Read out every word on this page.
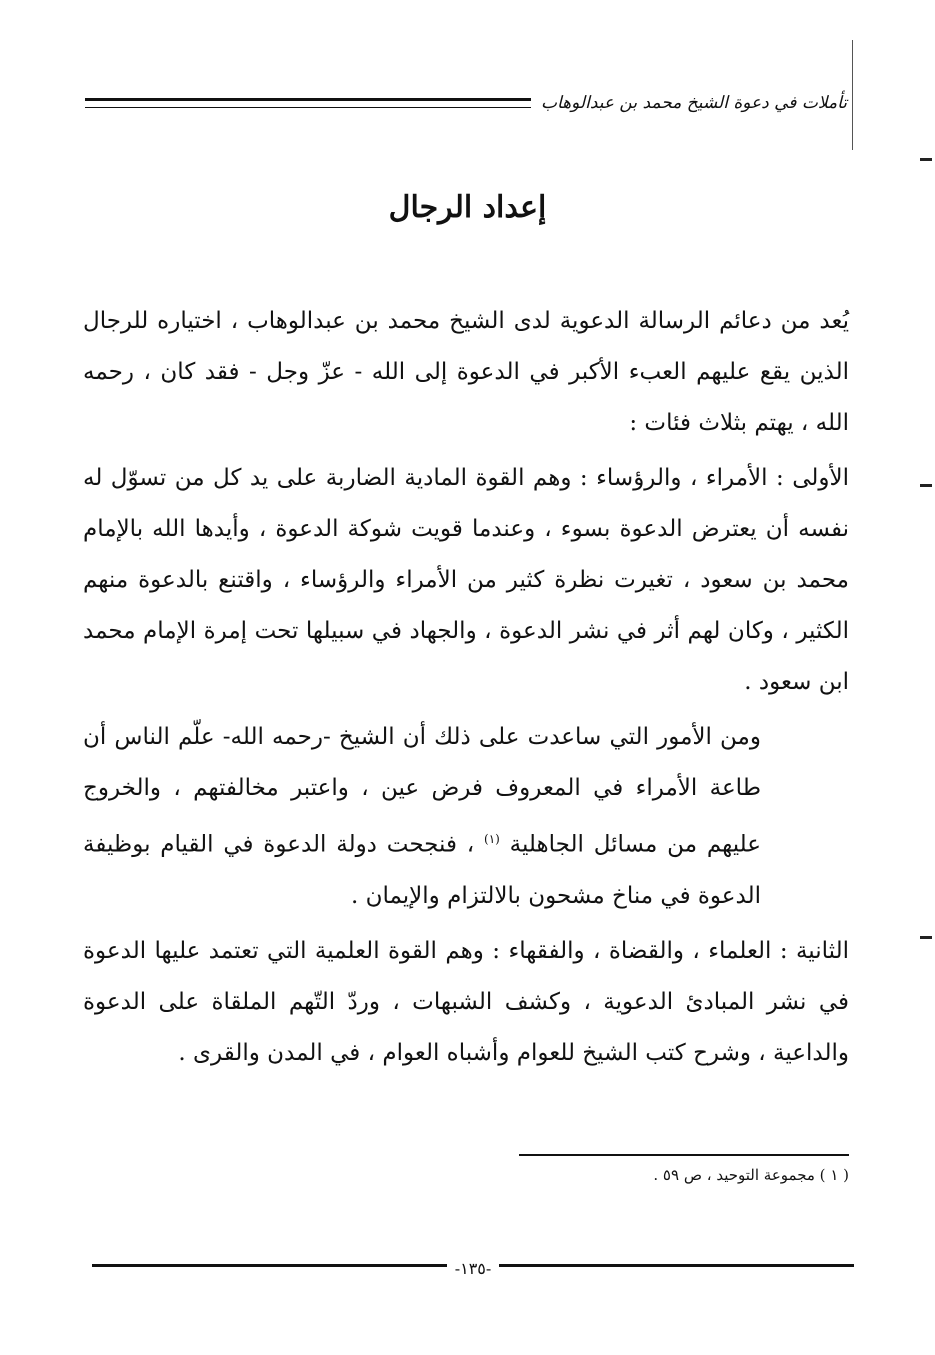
تأملات في دعوة الشيخ محمد بن عبدالوهاب
إعداد الرجال

يُعد من دعائم الرسالة الدعوية لدى الشيخ محمد بن عبدالوهاب ، اختياره للرجال الذين يقع عليهم العبء الأكبر في الدعوة إلى الله - عزّ وجل - فقد كان ، رحمه الله ، يهتم بثلاث فئات :

الأولى : الأمراء ، والرؤساء : وهم القوة المادية الضاربة على يد كل من تسوّل له نفسه أن يعترض الدعوة بسوء ، وعندما قويت شوكة الدعوة ، وأيدها الله بالإمام محمد بن سعود ، تغيرت نظرة كثير من الأمراء والرؤساء ، واقتنع بالدعوة منهم الكثير ، وكان لهم أثر في نشر الدعوة ، والجهاد في سبيلها تحت إمرة الإمام محمد ابن سعود .

ومن الأمور التي ساعدت على ذلك أن الشيخ -رحمه الله- علّم الناس أن طاعة الأمراء في المعروف فرض عين ، واعتبر مخالفتهم ، والخروج عليهم من مسائل الجاهلية $^{(١)}$ ، فنجحت دولة الدعوة في القيام بوظيفة الدعوة في مناخ مشحون بالالتزام والإيمان .

الثانية : العلماء ، والقضاة ، والفقهاء : وهم القوة العلمية التي تعتمد عليها الدعوة في نشر المبادئ الدعوية ، وكشف الشبهات ، وردّ التّهم الملقاة على الدعوة والداعية ، وشرح كتب الشيخ للعوام وأشباه العوام ، في المدن والقرى .

( ١ ) مجموعة التوحيد ، ص ٥٩ .
-١٣٥-
